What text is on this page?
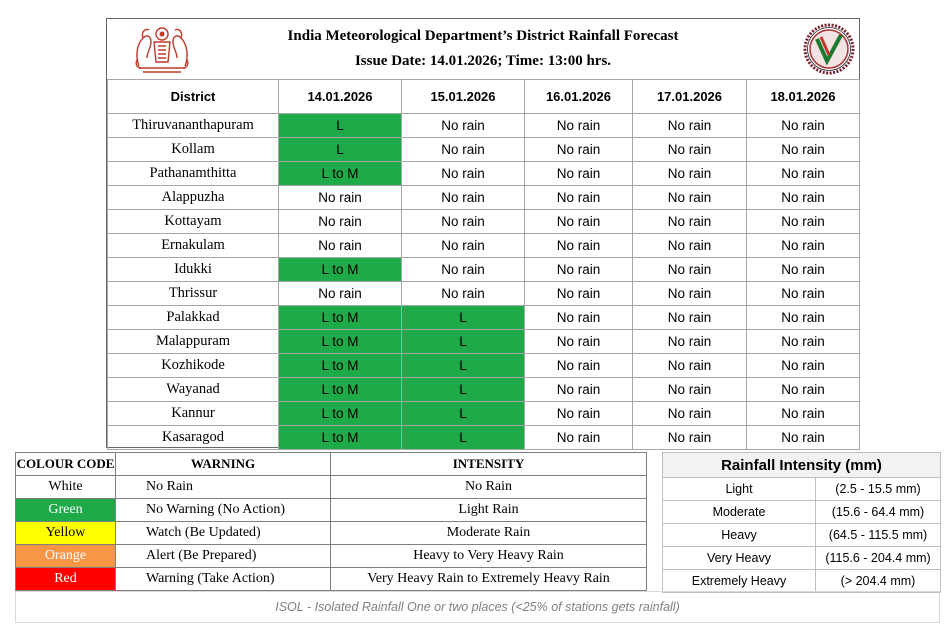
India Meteorological Department’s District Rainfall Forecast
Issue Date: 14.01.2026; Time: 13:00 hrs.
District	14.01.2026	15.01.2026	16.01.2026	17.01.2026	18.01.2026
Thiruvananthapuram	L	No rain	No rain	No rain	No rain
Kollam	L	No rain	No rain	No rain	No rain
Pathanamthitta	L to M	No rain	No rain	No rain	No rain
Alappuzha	No rain	No rain	No rain	No rain	No rain
Kottayam	No rain	No rain	No rain	No rain	No rain
Ernakulam	No rain	No rain	No rain	No rain	No rain
Idukki	L to M	No rain	No rain	No rain	No rain
Thrissur	No rain	No rain	No rain	No rain	No rain
Palakkad	L to M	L	No rain	No rain	No rain
Malappuram	L to M	L	No rain	No rain	No rain
Kozhikode	L to M	L	No rain	No rain	No rain
Wayanad	L to M	L	No rain	No rain	No rain
Kannur	L to M	L	No rain	No rain	No rain
Kasaragod	L to M	L	No rain	No rain	No rain
COLOUR CODE	WARNING	INTENSITY
White	No Rain	No Rain
Green	No Warning (No Action)	Light Rain
Yellow	Watch (Be Updated)	Moderate Rain
Orange	Alert (Be Prepared)	Heavy to Very Heavy Rain
Red	Warning (Take Action)	Very Heavy Rain to Extremely Heavy Rain
Rainfall Intensity (mm)	
Light	(2.5 - 15.5 mm)
Moderate	(15.6 - 64.4 mm)
Heavy	(64.5 - 115.5 mm)
Very Heavy	(115.6 - 204.4 mm)
Extremely Heavy	(> 204.4 mm)
ISOL - Isolated Rainfall One or two places (<25% of stations gets rainfall)
